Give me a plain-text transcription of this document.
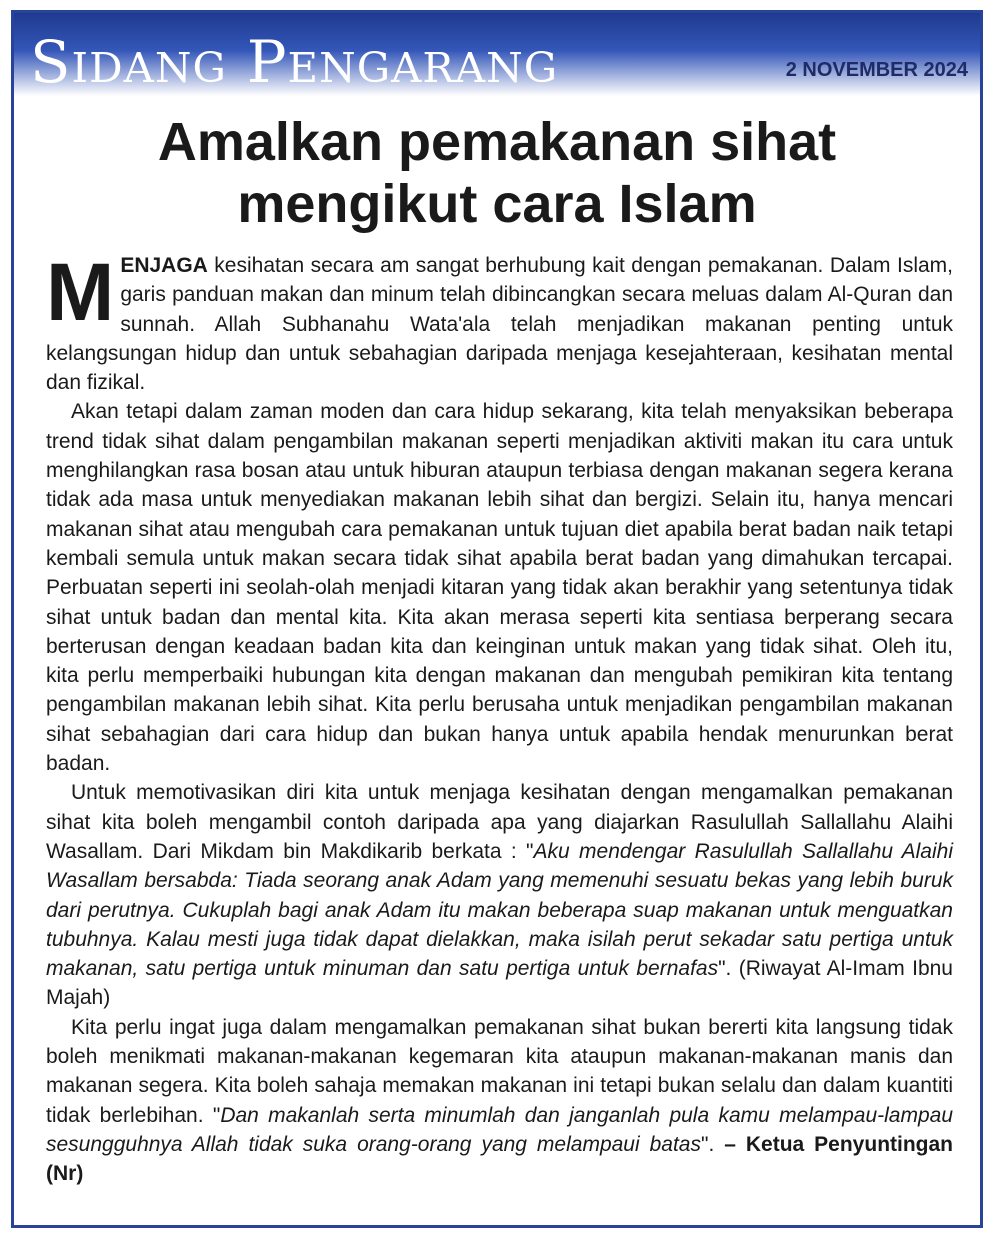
Sidang Pengarang	2 NOVEMBER 2024
Amalkan pemakanan sihat
mengikut cara Islam

MENJAGA kesihatan secara am sangat berhubung kait dengan pemakanan. Dalam Islam, garis panduan makan dan minum telah dibincangkan secara meluas dalam Al-Quran dan sunnah. Allah Subhanahu Wata'ala telah menjadikan makanan penting untuk kelangsungan hidup dan untuk sebahagian daripada menjaga kesejahteraan, kesihatan mental dan fizikal.

Akan tetapi dalam zaman moden dan cara hidup sekarang, kita telah menyaksikan beberapa trend tidak sihat dalam pengambilan makanan seperti menjadikan aktiviti makan itu cara untuk menghilangkan rasa bosan atau untuk hiburan ataupun terbiasa dengan makanan segera kerana tidak ada masa untuk menyediakan makanan lebih sihat dan bergizi. Selain itu, hanya mencari makanan sihat atau mengubah cara pemakanan untuk tujuan diet apabila berat badan naik tetapi kembali semula untuk makan secara tidak sihat apabila berat badan yang dimahukan tercapai. Perbuatan seperti ini seolah-olah menjadi kitaran yang tidak akan berakhir yang setentunya tidak sihat untuk badan dan mental kita. Kita akan merasa seperti kita sentiasa berperang secara berterusan dengan keadaan badan kita dan keinginan untuk makan yang tidak sihat. Oleh itu, kita perlu memperbaiki hubungan kita dengan makanan dan mengubah pemikiran kita tentang pengambilan makanan lebih sihat. Kita perlu berusaha untuk menjadikan pengambilan makanan sihat sebahagian dari cara hidup dan bukan hanya untuk apabila hendak menurunkan berat badan.

Untuk memotivasikan diri kita untuk menjaga kesihatan dengan mengamalkan pemakanan sihat kita boleh mengambil contoh daripada apa yang diajarkan Rasulullah Sallallahu Alaihi Wasallam. Dari Mikdam bin Makdikarib berkata : "Aku mendengar Rasulullah Sallallahu Alaihi Wasallam bersabda: Tiada seorang anak Adam yang memenuhi sesuatu bekas yang lebih buruk dari perutnya. Cukuplah bagi anak Adam itu makan beberapa suap makanan untuk menguatkan tubuhnya. Kalau mesti juga tidak dapat dielakkan, maka isilah perut sekadar satu pertiga untuk makanan, satu pertiga untuk minuman dan satu pertiga untuk bernafas". (Riwayat Al-Imam Ibnu Majah)

Kita perlu ingat juga dalam mengamalkan pemakanan sihat bukan bererti kita langsung tidak boleh menikmati makanan-makanan kegemaran kita ataupun makanan-makanan manis dan makanan segera. Kita boleh sahaja memakan makanan ini tetapi bukan selalu dan dalam kuantiti tidak berlebihan. "Dan makanlah serta minumlah dan janganlah pula kamu melampau-lampau sesungguhnya Allah tidak suka orang-orang yang melampaui batas". – Ketua Penyuntingan (Nr)
